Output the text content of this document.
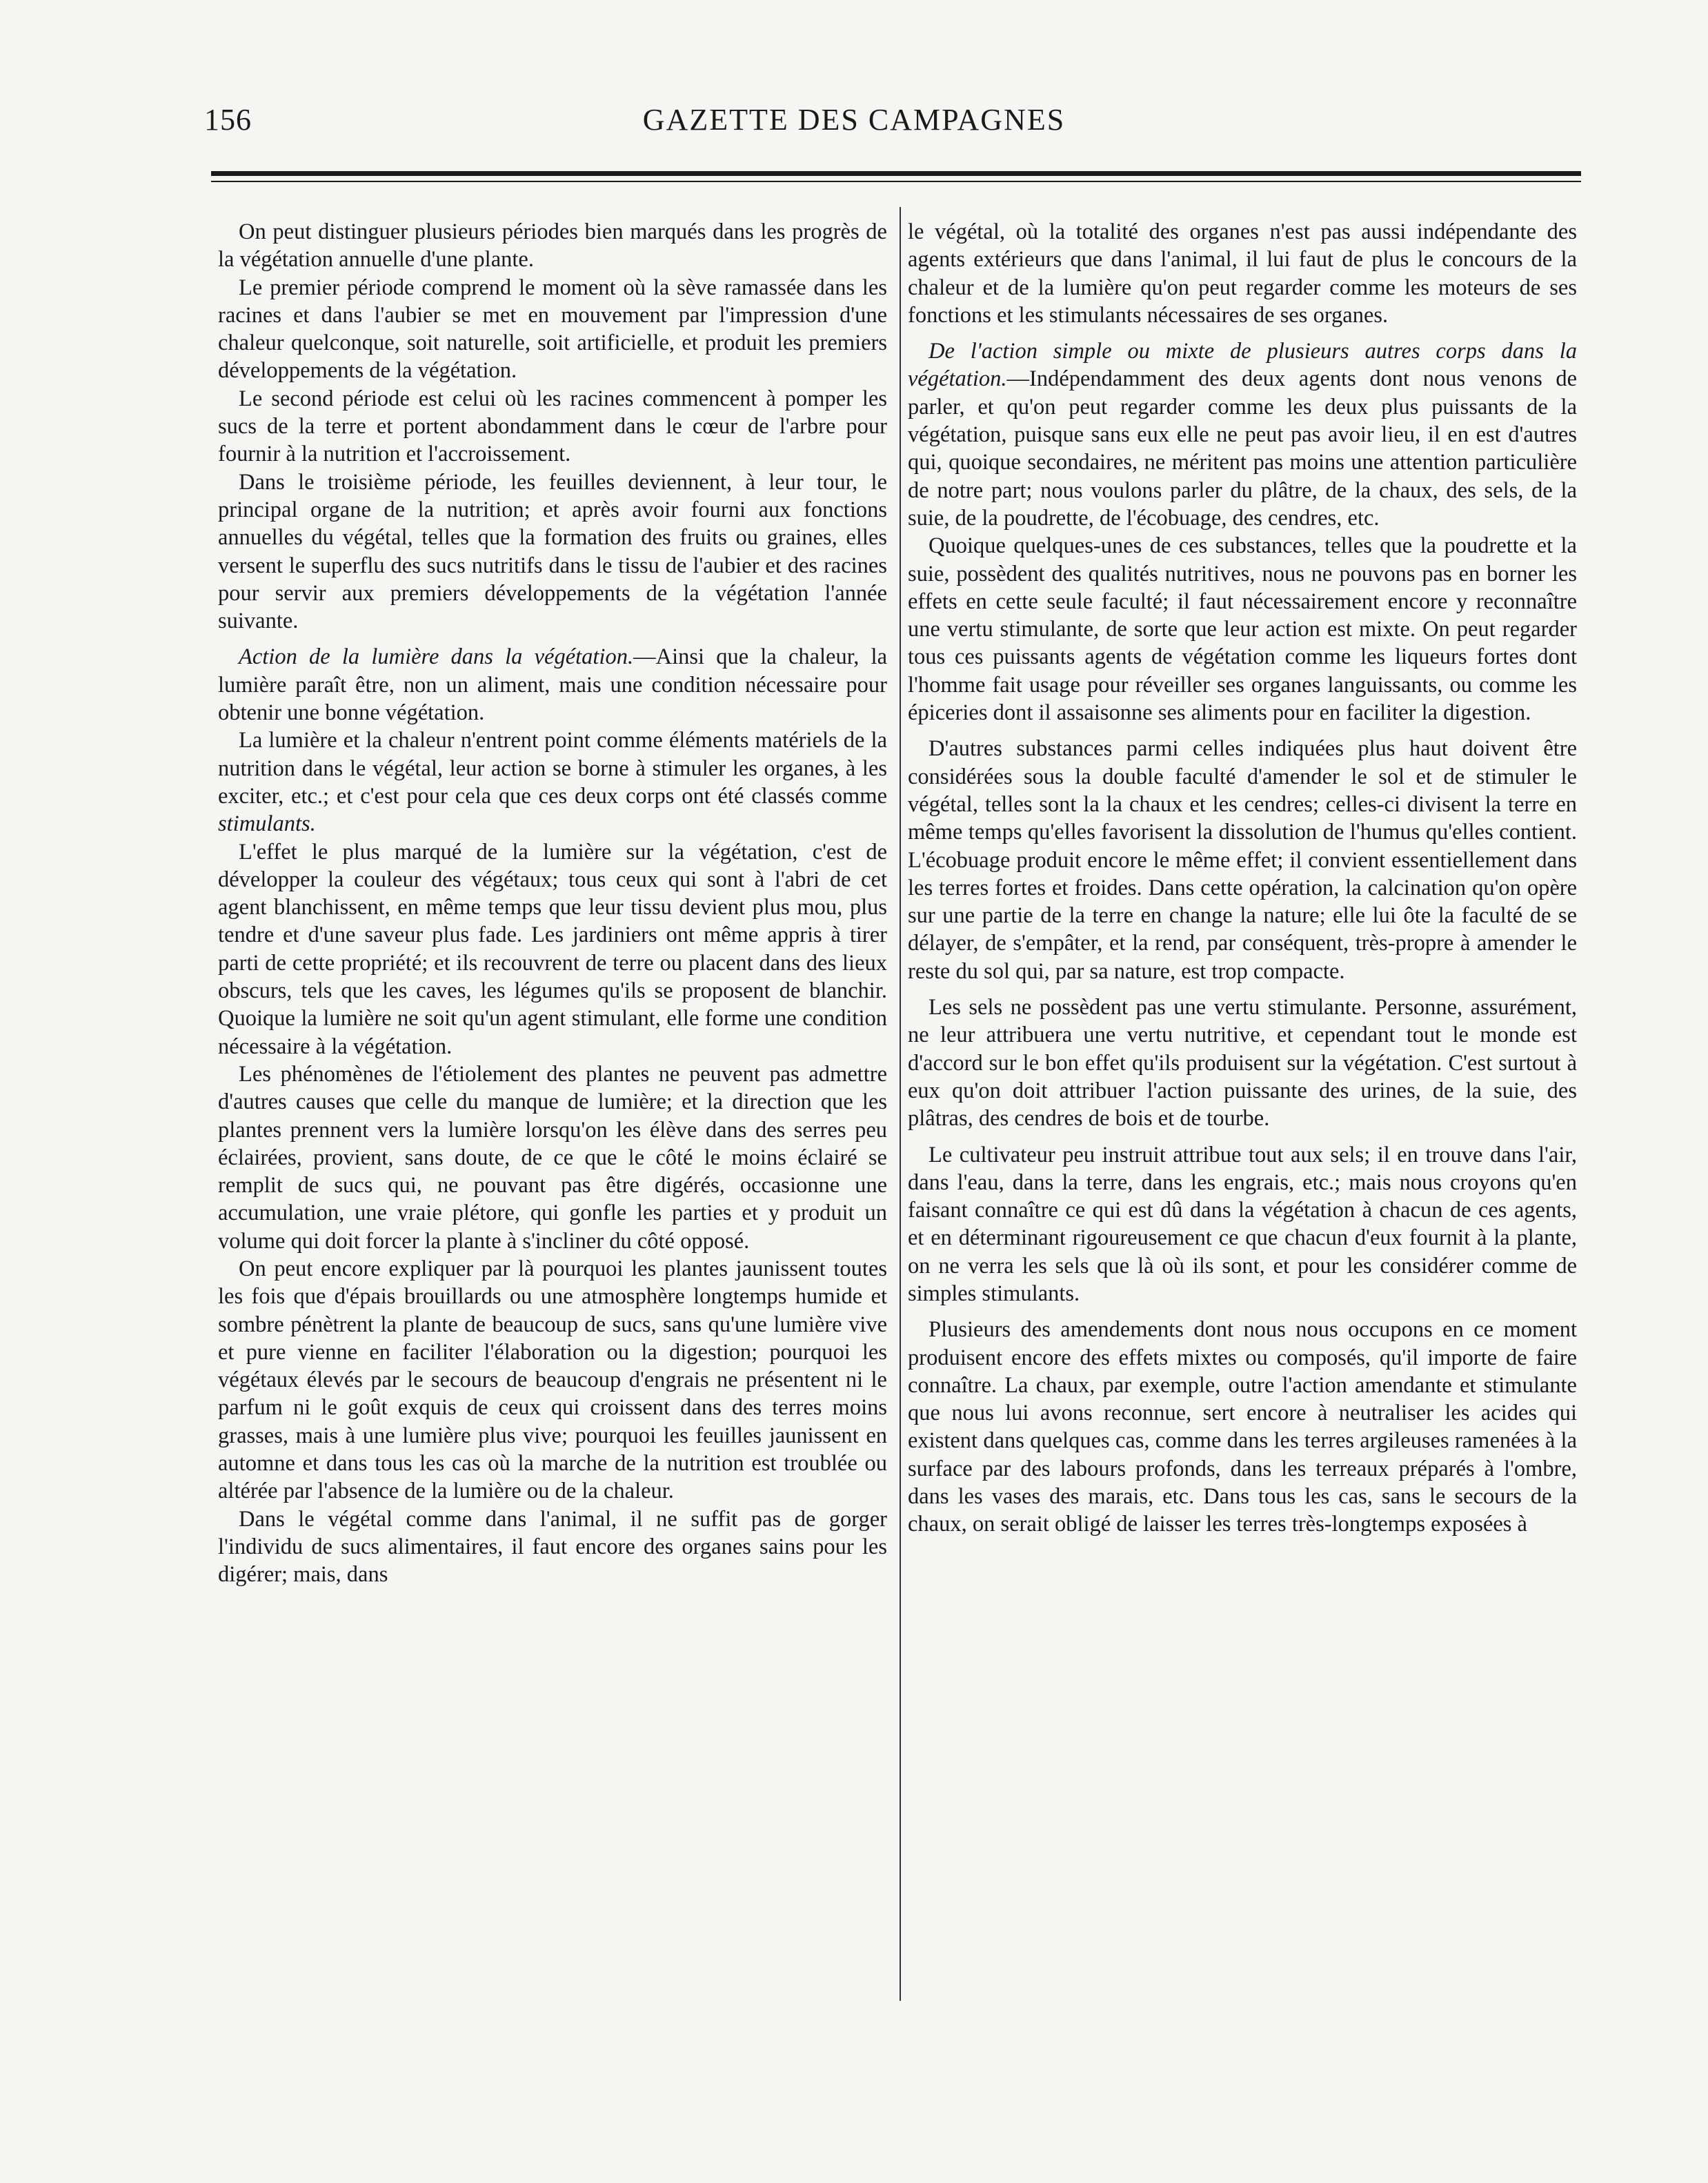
156	GAZETTE DES CAMPAGNES

On peut distinguer plusieurs périodes bien marqués dans les progrès de la végétation annuelle d'une plante.

Le premier période comprend le moment où la sève ramassée dans les racines et dans l'aubier se met en mouvement par l'impression d'une chaleur quelconque, soit naturelle, soit artificielle, et produit les premiers développements de la végétation.

Le second période est celui où les racines commencent à pomper les sucs de la terre et portent abondamment dans le cœur de l'arbre pour fournir à la nutrition et l'accroissement.

Dans le troisième période, les feuilles deviennent, à leur tour, le principal organe de la nutrition; et après avoir fourni aux fonctions annuelles du végétal, telles que la formation des fruits ou graines, elles versent le superflu des sucs nutritifs dans le tissu de l'aubier et des racines pour servir aux premiers développements de la végétation l'année suivante.

Action de la lumière dans la végétation.—Ainsi que la chaleur, la lumière paraît être, non un aliment, mais une condition nécessaire pour obtenir une bonne végétation.

La lumière et la chaleur n'entrent point comme éléments matériels de la nutrition dans le végétal, leur action se borne à stimuler les organes, à les exciter, etc.; et c'est pour cela que ces deux corps ont été classés comme stimulants.

L'effet le plus marqué de la lumière sur la végétation, c'est de développer la couleur des végétaux; tous ceux qui sont à l'abri de cet agent blanchissent, en même temps que leur tissu devient plus mou, plus tendre et d'une saveur plus fade. Les jardiniers ont même appris à tirer parti de cette propriété; et ils recouvrent de terre ou placent dans des lieux obscurs, tels que les caves, les légumes qu'ils se proposent de blanchir. Quoique la lumière ne soit qu'un agent stimulant, elle forme une condition nécessaire à la végétation.

Les phénomènes de l'étiolement des plantes ne peuvent pas admettre d'autres causes que celle du manque de lumière; et la direction que les plantes prennent vers la lumière lorsqu'on les élève dans des serres peu éclairées, provient, sans doute, de ce que le côté le moins éclairé se remplit de sucs qui, ne pouvant pas être digérés, occasionne une accumulation, une vraie plétore, qui gonfle les parties et y produit un volume qui doit forcer la plante à s'incliner du côté opposé.

On peut encore expliquer par là pourquoi les plantes jaunissent toutes les fois que d'épais brouillards ou une atmosphère longtemps humide et sombre pénètrent la plante de beaucoup de sucs, sans qu'une lumière vive et pure vienne en faciliter l'élaboration ou la digestion; pourquoi les végétaux élevés par le secours de beaucoup d'engrais ne présentent ni le parfum ni le goût exquis de ceux qui croissent dans des terres moins grasses, mais à une lumière plus vive; pourquoi les feuilles jaunissent en automne et dans tous les cas où la marche de la nutrition est troublée ou altérée par l'absence de la lumière ou de la chaleur.

Dans le végétal comme dans l'animal, il ne suffit pas de gorger l'individu de sucs alimentaires, il faut encore des organes sains pour les digérer; mais, dans

le végétal, où la totalité des organes n'est pas aussi indépendante des agents extérieurs que dans l'animal, il lui faut de plus le concours de la chaleur et de la lumière qu'on peut regarder comme les moteurs de ses fonctions et les stimulants nécessaires de ses organes.

De l'action simple ou mixte de plusieurs autres corps dans la végétation.—Indépendamment des deux agents dont nous venons de parler, et qu'on peut regarder comme les deux plus puissants de la végétation, puisque sans eux elle ne peut pas avoir lieu, il en est d'autres qui, quoique secondaires, ne méritent pas moins une attention particulière de notre part; nous voulons parler du plâtre, de la chaux, des sels, de la suie, de la poudrette, de l'écobuage, des cendres, etc.

Quoique quelques-unes de ces substances, telles que la poudrette et la suie, possèdent des qualités nutritives, nous ne pouvons pas en borner les effets en cette seule faculté; il faut nécessairement encore y reconnaître une vertu stimulante, de sorte que leur action est mixte. On peut regarder tous ces puissants agents de végétation comme les liqueurs fortes dont l'homme fait usage pour réveiller ses organes languissants, ou comme les épiceries dont il assaisonne ses aliments pour en faciliter la digestion.

D'autres substances parmi celles indiquées plus haut doivent être considérées sous la double faculté d'amender le sol et de stimuler le végétal, telles sont la la chaux et les cendres; celles-ci divisent la terre en même temps qu'elles favorisent la dissolution de l'humus qu'elles contient. L'écobuage produit encore le même effet; il convient essentiellement dans les terres fortes et froides. Dans cette opération, la calcination qu'on opère sur une partie de la terre en change la nature; elle lui ôte la faculté de se délayer, de s'empâter, et la rend, par conséquent, très-propre à amender le reste du sol qui, par sa nature, est trop compacte.

Les sels ne possèdent pas une vertu stimulante. Personne, assurément, ne leur attribuera une vertu nutritive, et cependant tout le monde est d'accord sur le bon effet qu'ils produisent sur la végétation. C'est surtout à eux qu'on doit attribuer l'action puissante des urines, de la suie, des plâtras, des cendres de bois et de tourbe.

Le cultivateur peu instruit attribue tout aux sels; il en trouve dans l'air, dans l'eau, dans la terre, dans les engrais, etc.; mais nous croyons qu'en faisant connaître ce qui est dû dans la végétation à chacun de ces agents, et en déterminant rigoureusement ce que chacun d'eux fournit à la plante, on ne verra les sels que là où ils sont, et pour les considérer comme de simples stimulants.

Plusieurs des amendements dont nous nous occupons en ce moment produisent encore des effets mixtes ou composés, qu'il importe de faire connaître. La chaux, par exemple, outre l'action amendante et stimulante que nous lui avons reconnue, sert encore à neutraliser les acides qui existent dans quelques cas, comme dans les terres argileuses ramenées à la surface par des labours profonds, dans les terreaux préparés à l'ombre, dans les vases des marais, etc. Dans tous les cas, sans le secours de la chaux, on serait obligé de laisser les terres très-longtemps exposées à
